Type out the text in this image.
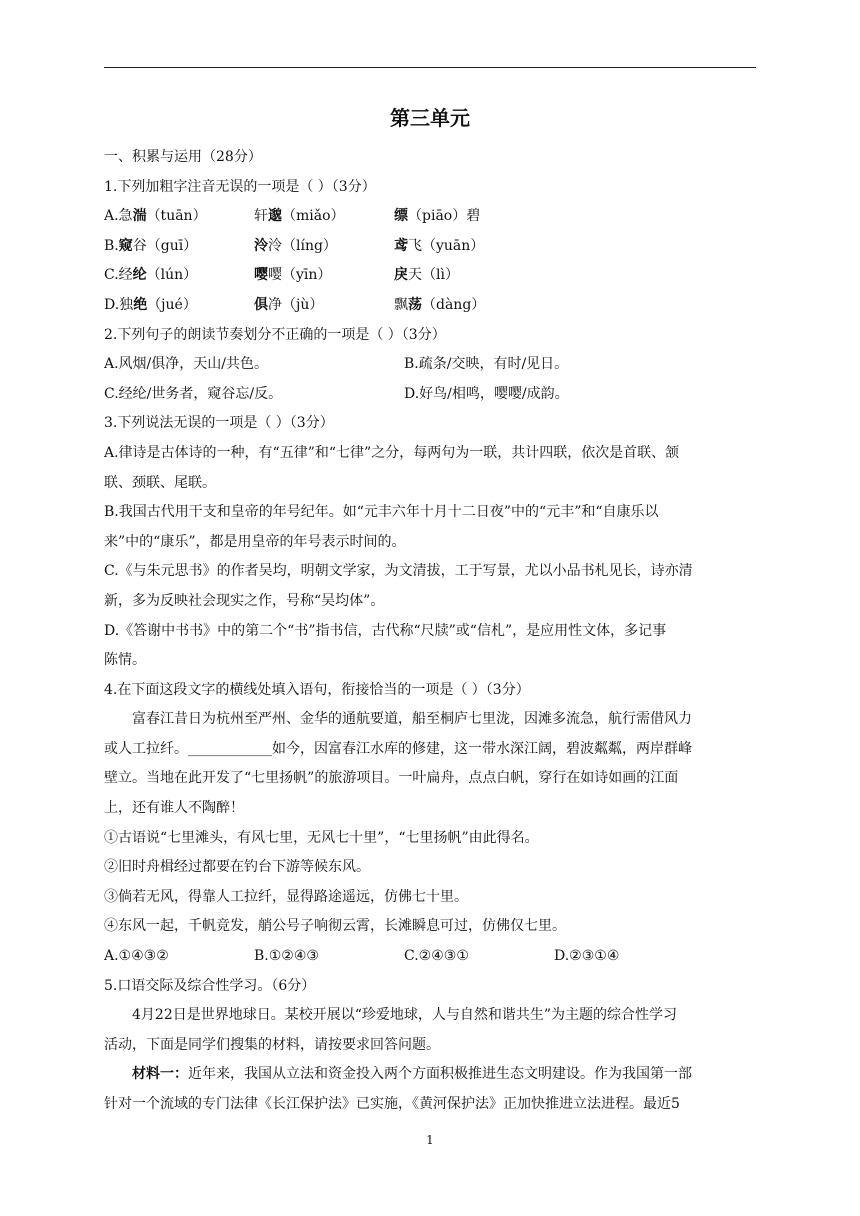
第三单元
一、积累与运用（28分）
1.下列加粗字注音无误的一项是（ ）（3分）
A.急湍（tuān）	轩邈（miǎo）	缥（piāo）碧
B.窥谷（guī）	泠泠（líng）	鸢飞（yuān）
C.经纶（lún）	嘤嘤（yīn）	戾天（lì）
D.独绝（jué）	俱净（jù）	飘荡（dàng）
2.下列句子的朗读节奏划分不正确的一项是（ ）（3分）
A.风烟/俱净，天山/共色。	B.疏条/交映，有时/见日。
C.经纶/世务者，窥谷忘/反。	D.好鸟/相鸣，嘤嘤/成韵。
3.下列说法无误的一项是（ ）（3分）
A.律诗是古体诗的一种，有“五律”和“七律”之分，每两句为一联，共计四联，依次是首联、颔
联、颈联、尾联。
B.我国古代用干支和皇帝的年号纪年。如“元丰六年十月十二日夜”中的“元丰”和“自康乐以
来”中的“康乐”，都是用皇帝的年号表示时间的。
C.《与朱元思书》的作者吴均，明朝文学家，为文清拔，工于写景，尤以小品书札见长，诗亦清
新，多为反映社会现实之作，号称“吴均体”。
D.《答谢中书书》中的第二个“书”指书信，古代称“尺牍”或“信札”，是应用性文体，多记事
陈情。
4.在下面这段文字的横线处填入语句，衔接恰当的一项是（ ）（3分）
富春江昔日为杭州至严州、金华的通航要道，船至桐庐七里泷，因滩多流急，航行需借风力
或人工拉纤。____________如今，因富春江水库的修建，这一带水深江阔，碧波粼粼，两岸群峰
壁立。当地在此开发了“七里扬帆”的旅游项目。一叶扁舟，点点白帆，穿行在如诗如画的江面
上，还有谁人不陶醉！
①古语说“七里滩头，有风七里，无风七十里”，“七里扬帆”由此得名。
②旧时舟楫经过都要在钓台下游等候东风。
③倘若无风，得靠人工拉纤，显得路途遥远，仿佛七十里。
④东风一起，千帆竞发，艄公号子响彻云霄，长滩瞬息可过，仿佛仅七里。
A.①④③②	B.①②④③	C.②④③①	D.②③①④
5.口语交际及综合性学习。（6分）
4月22日是世界地球日。某校开展以“珍爱地球，人与自然和谐共生”为主题的综合性学习
活动，下面是同学们搜集的材料，请按要求回答问题。
材料一：近年来，我国从立法和资金投入两个方面积极推进生态文明建设。作为我国第一部
针对一个流域的专门法律《长江保护法》已实施，《黄河保护法》正加快推进立法进程。最近5
1
